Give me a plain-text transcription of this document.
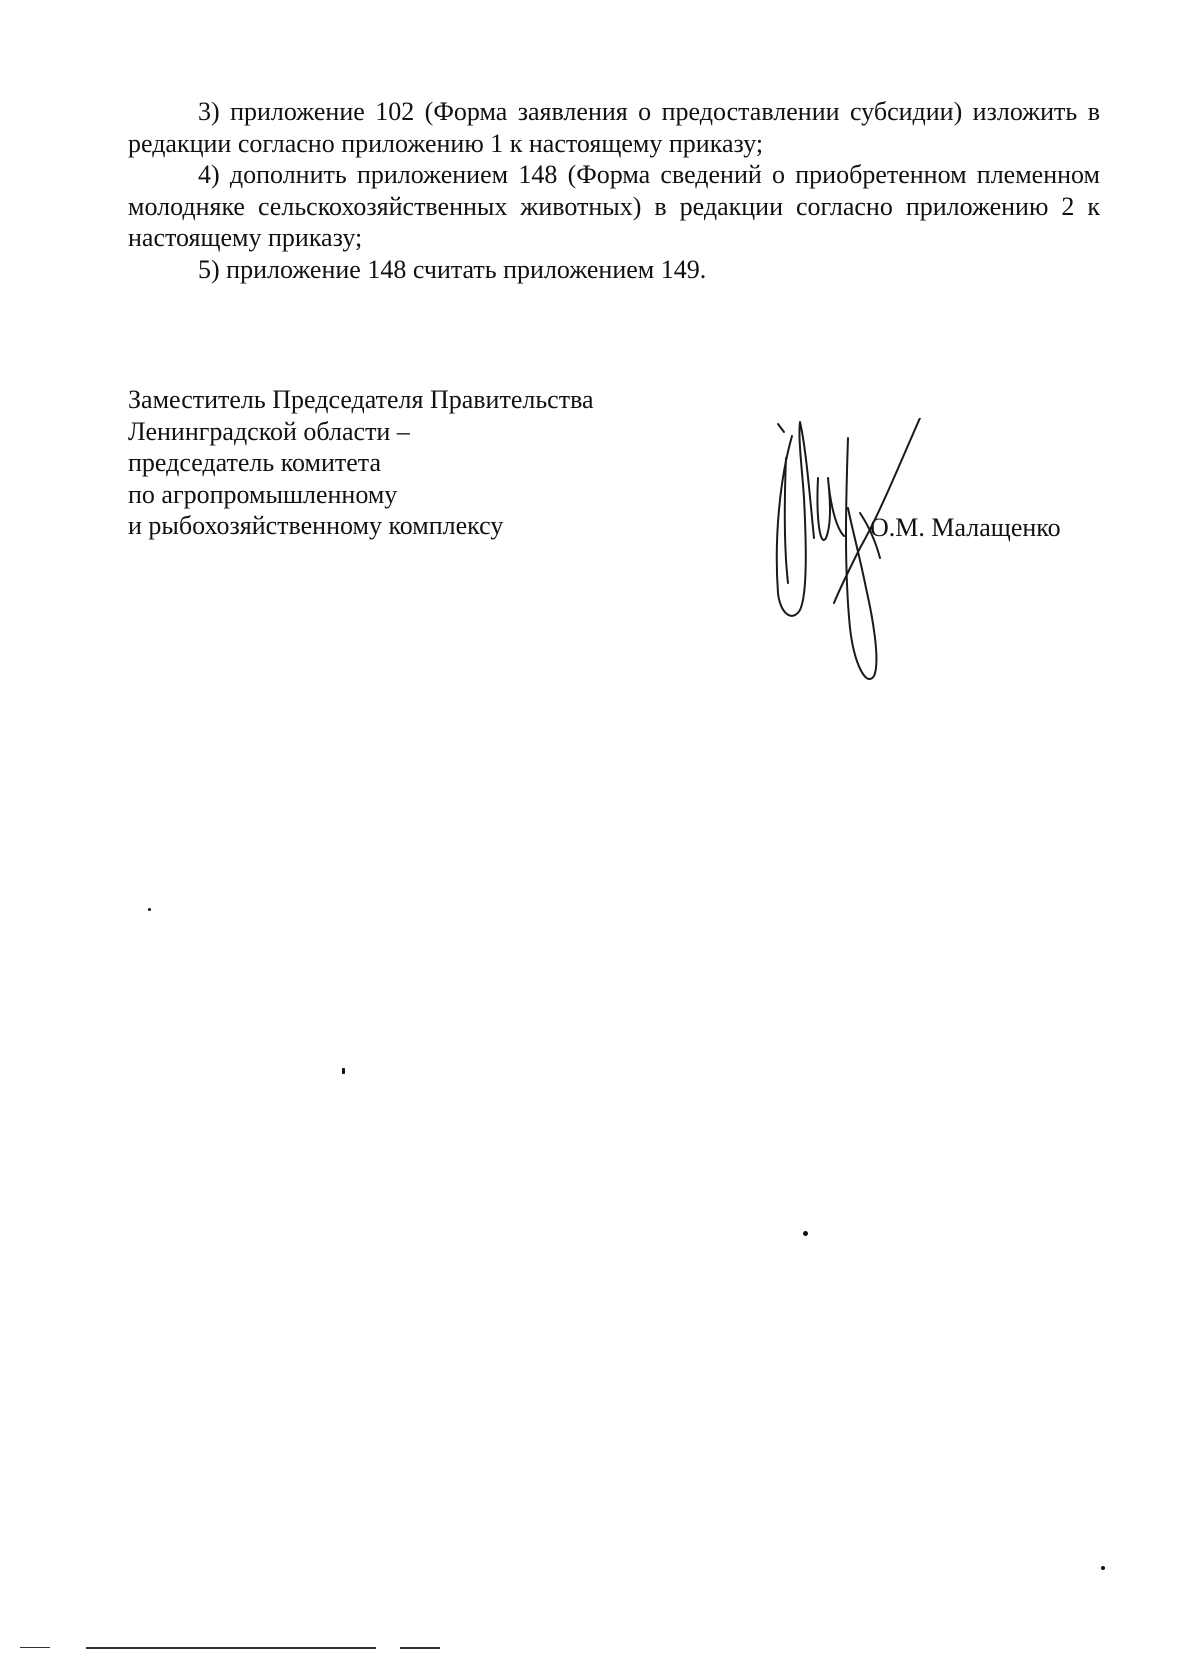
3) приложение 102 (Форма заявления о предоставлении субсидии) изложить в редакции согласно приложению 1 к настоящему приказу;

4) дополнить приложением 148 (Форма сведений о приобретенном племенном молодняке сельскохозяйственных животных) в редакции согласно приложению 2 к настоящему приказу;

5) приложение 148 считать приложением 149.

Заместитель Председателя Правительства
Ленинградской области –
председатель комитета
по агропромышленному
и рыбохозяйственному комплексу	О.М. Малащенко
